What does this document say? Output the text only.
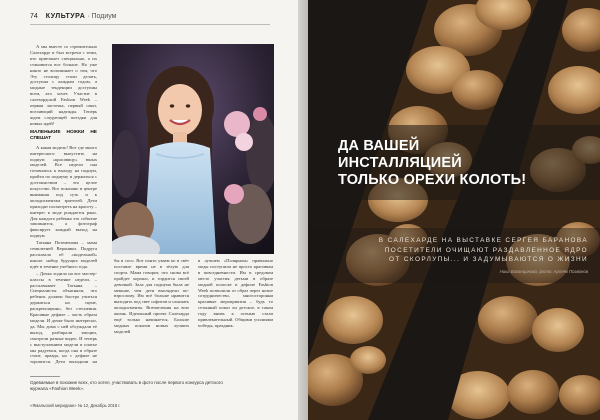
74 КУЛЬТУРА · Подиум

А мы вместе со стремительно Салехарде и был встречи с теми, кто приезжает специально, а их становится все больше. Но уже никто не вспоминает о том, что Эту столицу стали делать, доступна с каждым годом, а модные тенденции доступны всем, кто хочет. Участие в салехардской Fashion Week – первая ласточка, первый опыт, вселяющий надежды. Теперь ждем следующей поездки для новых идей!

МАЛЕНЬКИЕ НОЖКИ НЕ СПЕШАТ

А какая модель! Вот где много интересного: выпустить на подиум «красавицу» юных моделей. Все недели она готовились к выходу на подиум, пройти по подиуму и держаться с достоинством – это целое искусство. Все показано в центре внимания под суть и к аплодисментам зрителей. Дети приходят посмотреть на красоту – интерес к моде рождается рано. Для каждого ребенка это событие запомнится, а фотограф фиксирует каждый выход на подиум.

Татьяна Потеменова – мама семилетней Вероники. Подруга рассказала об «модельной» школе: набор будущих моделей идёт в течение учебного года.

– Дочка ходила на все мастер-классы в течение недели, – рассказывает Татьяна. – Специалисты объясняли, что ребенок должен быстро учиться держаться на сцене, раскрепощенно, без стеснения. Красивые дефиле – часть образа модели. И дочке было интересно, да. Мы дома с ней обсуждали её выход, разбирали эмоции, смотрели разные видео. И теперь с выступлением модели в платье мы радуемся, когда она в образе стоит, правда, но с дефиле не торопится. Дети выходили на

бы в сосо. Вот понто уваем ко в свёт поставле время не в зёлую для спорта. Мама говорит, что снова всё пройдет хорошо, и гордится своей девочкой. Зала для подиума была не меньше, чем дети выглядели по-взрослому. Им всё больше нравится выходить под свет софитов и слышать аплодисменты. Впечатления на всю жизнь. Идеальный проект Салехарда ещё только начинается. Больше модных показов новых лучших моделей
в лучшем «Полярном» правильно моды поступили не просто красивым в повседневности. Им в средовом место участия детьми в образе модной полоске и дефиле Fashion Week позволили от образ через новое сотрудничество, многосторонни красивые мероприятия – будь то сезонный показ ли детское, в таком году вновь к осенью стали привлекательный. Общими усилиями победы, праздник.
Одеваемые в похожие всех, кто хотел, участвовать в фото после первого конкурса детского журнала «Fashion Week».
«Ямальский меридиан» № 12, Декабрь 2018 г.
ДА ВАШЕЙ
ИНСТАЛЛЯЦИЕЙ
ТОЛЬКО ОРЕХИ КОЛОТЬ!
В САЛЕХАРДЕ НА ВЫСТАВКЕ СЕРГЕЯ БАРАНОВА
ПОСЕТИТЕЛИ ОЧИЩАЮТ РАЗДАВЛЕННОЕ ЯДРО
ОТ СКОРЛУПЫ... И ЗАДУМЫВАЮТСЯ О ЖИЗНИ
Ника Ваганцинова, фото: Артём Позвонов
